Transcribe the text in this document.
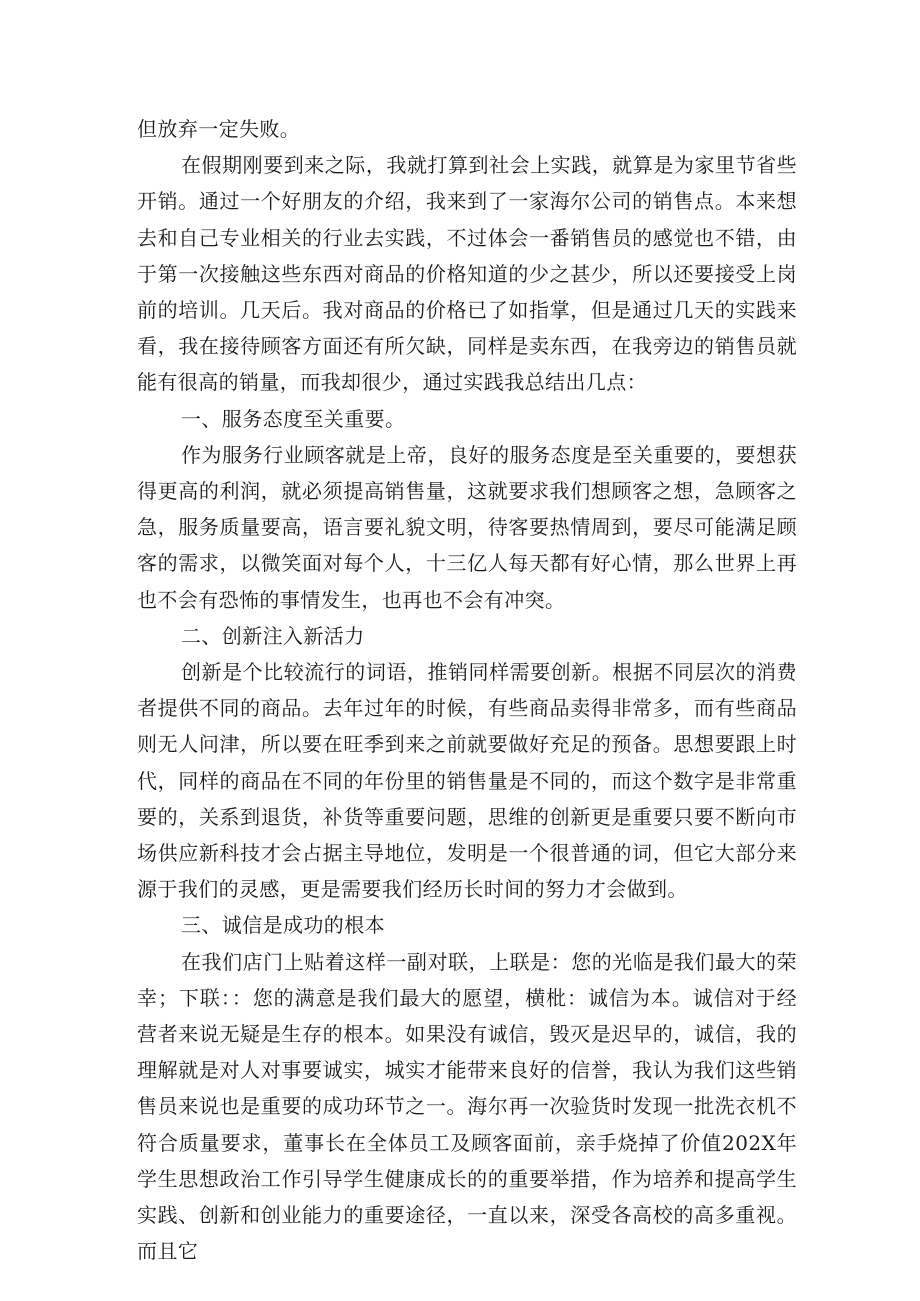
但放弃一定失败。

在假期刚要到来之际，我就打算到社会上实践，就算是为家里节省些开销。通过一个好朋友的介绍，我来到了一家海尔公司的销售点。本来想去和自己专业相关的行业去实践，不过体会一番销售员的感觉也不错，由于第一次接触这些东西对商品的价格知道的少之甚少，所以还要接受上岗前的培训。几天后。我对商品的价格已了如指掌，但是通过几天的实践来看，我在接待顾客方面还有所欠缺，同样是卖东西，在我旁边的销售员就能有很高的销量，而我却很少，通过实践我总结出几点：

一、服务态度至关重要。

作为服务行业顾客就是上帝，良好的服务态度是至关重要的，要想获得更高的利润，就必须提高销售量，这就要求我们想顾客之想，急顾客之急，服务质量要高，语言要礼貌文明，待客要热情周到，要尽可能满足顾客的需求，以微笑面对每个人，十三亿人每天都有好心情，那么世界上再也不会有恐怖的事情发生，也再也不会有冲突。

二、创新注入新活力

创新是个比较流行的词语，推销同样需要创新。根据不同层次的消费者提供不同的商品。去年过年的时候，有些商品卖得非常多，而有些商品则无人问津，所以要在旺季到来之前就要做好充足的预备。思想要跟上时代，同样的商品在不同的年份里的销售量是不同的，而这个数字是非常重要的，关系到退货，补货等重要问题，思维的创新更是重要只要不断向市场供应新科技才会占据主导地位，发明是一个很普通的词，但它大部分来源于我们的灵感，更是需要我们经历长时间的努力才会做到。

三、诚信是成功的根本

在我们店门上贴着这样一副对联，上联是：您的光临是我们最大的荣幸；下联：：您的满意是我们最大的愿望，横枇：诚信为本。诚信对于经营者来说无疑是生存的根本。如果没有诚信，毁灭是迟早的，诚信，我的理解就是对人对事要诚实，城实才能带来良好的信誉，我认为我们这些销售员来说也是重要的成功环节之一。海尔再一次验货时发现一批洗衣机不符合质量要求，董事长在全体员工及顾客面前，亲手烧掉了价值202X年学生思想政治工作引导学生健康成长的的重要举措，作为培养和提高学生实践、创新和创业能力的重要途径，一直以来，深受各高校的高多重视。而且它
